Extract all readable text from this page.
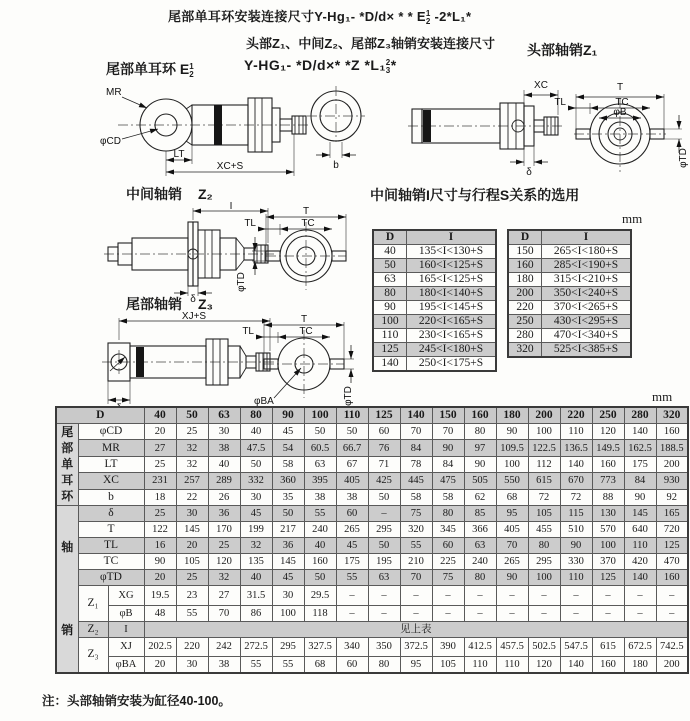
尾部单耳环安装连接尺寸Y-Hg₁- *D/d× * * E 1
2 -2*L₁*
头部Z₁、中间Z₂、尾部Z₃轴销安装连接尺寸 头部轴销Z₁
尾部单耳环 E 1
2
Y-HG₁- *D/d×* *Z *L₁ 2
3 *
MR
φCD
LT
XC+S	b
XC
δ
T
TL	TC
φB
φTD
中间轴销 Z₂
I
δ
T
TL	TC
φTD
尾部轴销 Z₃
XJ+S	T
TL	TC
φTD
φBA
中间轴销I尺寸与行程S关系的选用
mm
D	I
40	135<I<130+S
50	160<I<125+S
63	165<I<125+S
80	180<I<140+S
90	195<I<145+S
100	220<I<165+S
110	230<I<165+S
125	245<I<180+S
140	250<I<175+S
D	I
150	265<I<180+S
160	285<I<190+S
180	315<I<210+S
200	350<I<240+S
220	370<I<265+S
250	430<I<295+S
280	470<I<340+S
320	525<I<385+S
mm
D			40	50	63	80	90	100	110	125	140	150	160	180	200	220	250	280	320

尾
部
单
耳
环	φCD		20	25	30	40	45	50	50	60	70	70	80	90	100	110	120	140	160
	MR		27	32	38	47.5	54	60.5	66.7	76	84	90	97	109.5	122.5	136.5	149.5	162.5	188.5
	LT		25	32	40	50	58	63	67	71	78	84	90	100	112	140	160	175	200
	XC		231	257	289	332	360	395	405	425	445	475	505	550	615	670	773	84	930
	b		18	22	26	30	35	38	38	50	58	58	62	68	72	72	88	90	92

轴
销	δ		25	30	36	45	50	55	60	–	75	80	85	95	105	115	130	145	165
	T		122	145	170	199	217	240	265	295	320	345	366	405	455	510	570	640	720
	TL		16	20	25	32	36	40	45	50	55	60	63	70	80	90	100	110	125
	TC		90	105	120	135	145	160	175	195	210	225	240	265	295	330	370	420	470
	φTD		20	25	32	40	45	50	55	63	70	75	80	90	100	110	125	140	160
	Z₁	XG	19.5	23	27	31.5	30	29.5	–	–	–	–	–	–	–	–	–	–	–
		φB	48	55	70	86	100	118	–	–	–	–	–	–	–	–	–	–	–
	Z₂	I	见上表																
	Z₃	XJ	202.5	220	242	272.5	295	327.5	340	350	372.5	390	412.5	457.5	502.5	547.5	615	672.5	742.5
		φBA	20	30	38	55	55	68	60	80	95	105	110	110	120	140	160	180	200
注：头部轴销安装为缸径40-100。
